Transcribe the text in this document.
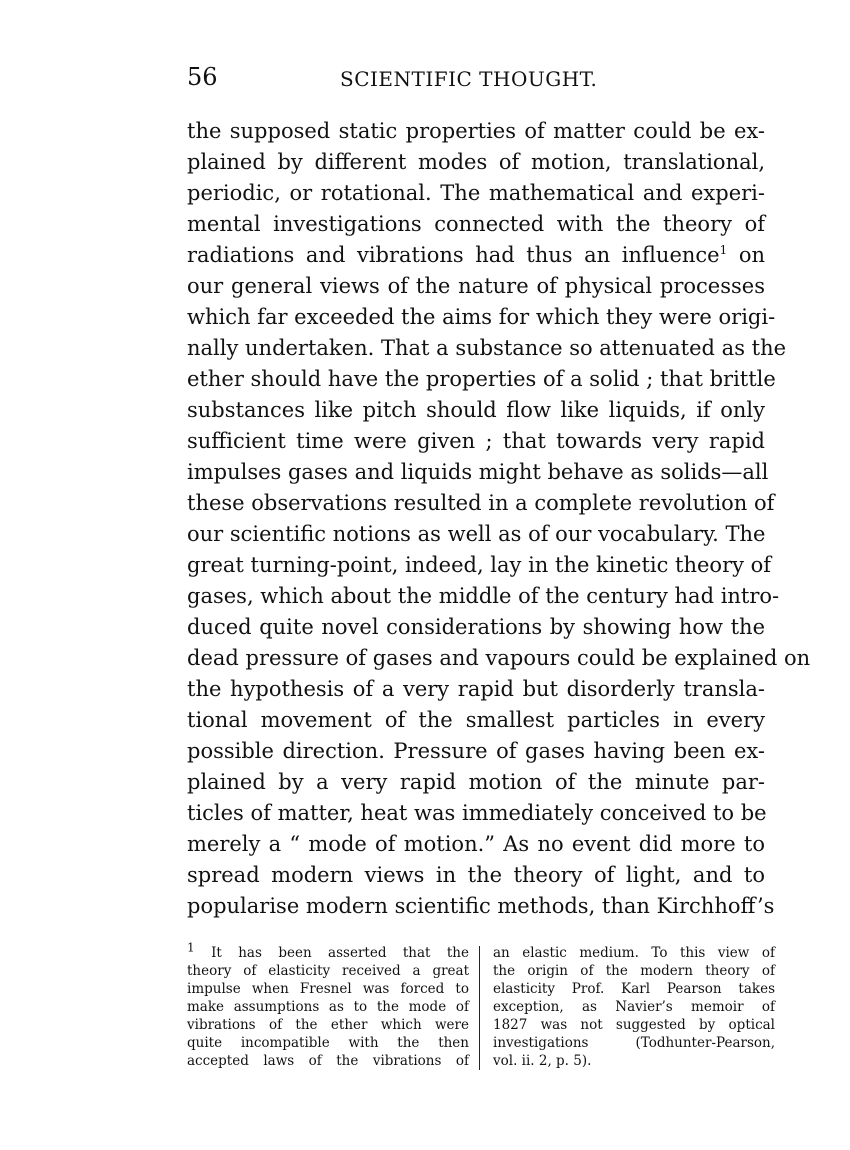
56	SCIENTIFIC THOUGHT.
the supposed static properties of matter could be ex-
plained by different modes of motion, translational,
periodic, or rotational. The mathematical and experi-
mental investigations connected with the theory of
radiations and vibrations had thus an influence$^1$ on
our general views of the nature of physical processes
which far exceeded the aims for which they were origi-
nally undertaken. That a substance so attenuated as the
ether should have the properties of a solid ; that brittle
substances like pitch should flow like liquids, if only
sufficient time were given ; that towards very rapid
impulses gases and liquids might behave as solids—all
these observations resulted in a complete revolution of
our scientific notions as well as of our vocabulary. The
great turning-point, indeed, lay in the kinetic theory of
gases, which about the middle of the century had intro-
duced quite novel considerations by showing how the
dead pressure of gases and vapours could be explained on
the hypothesis of a very rapid but disorderly transla-
tional movement of the smallest particles in every
possible direction. Pressure of gases having been ex-
plained by a very rapid motion of the minute par-
ticles of matter, heat was immediately conceived to be
merely a “ mode of motion.” As no event did more to
spread modern views in the theory of light, and to
popularise modern scientific methods, than Kirchhoff’s
$^1$ It has been asserted that the
theory of elasticity received a great
impulse when Fresnel was forced to
make assumptions as to the mode of
vibrations of the ether which were
quite incompatible with the then
accepted laws of the vibrations of
an elastic medium. To this view of
the origin of the modern theory of
elasticity Prof. Karl Pearson takes
exception, as Navier’s memoir of
1827 was not suggested by optical
investigations (Todhunter-Pearson,
vol. ii. 2, p. 5).
